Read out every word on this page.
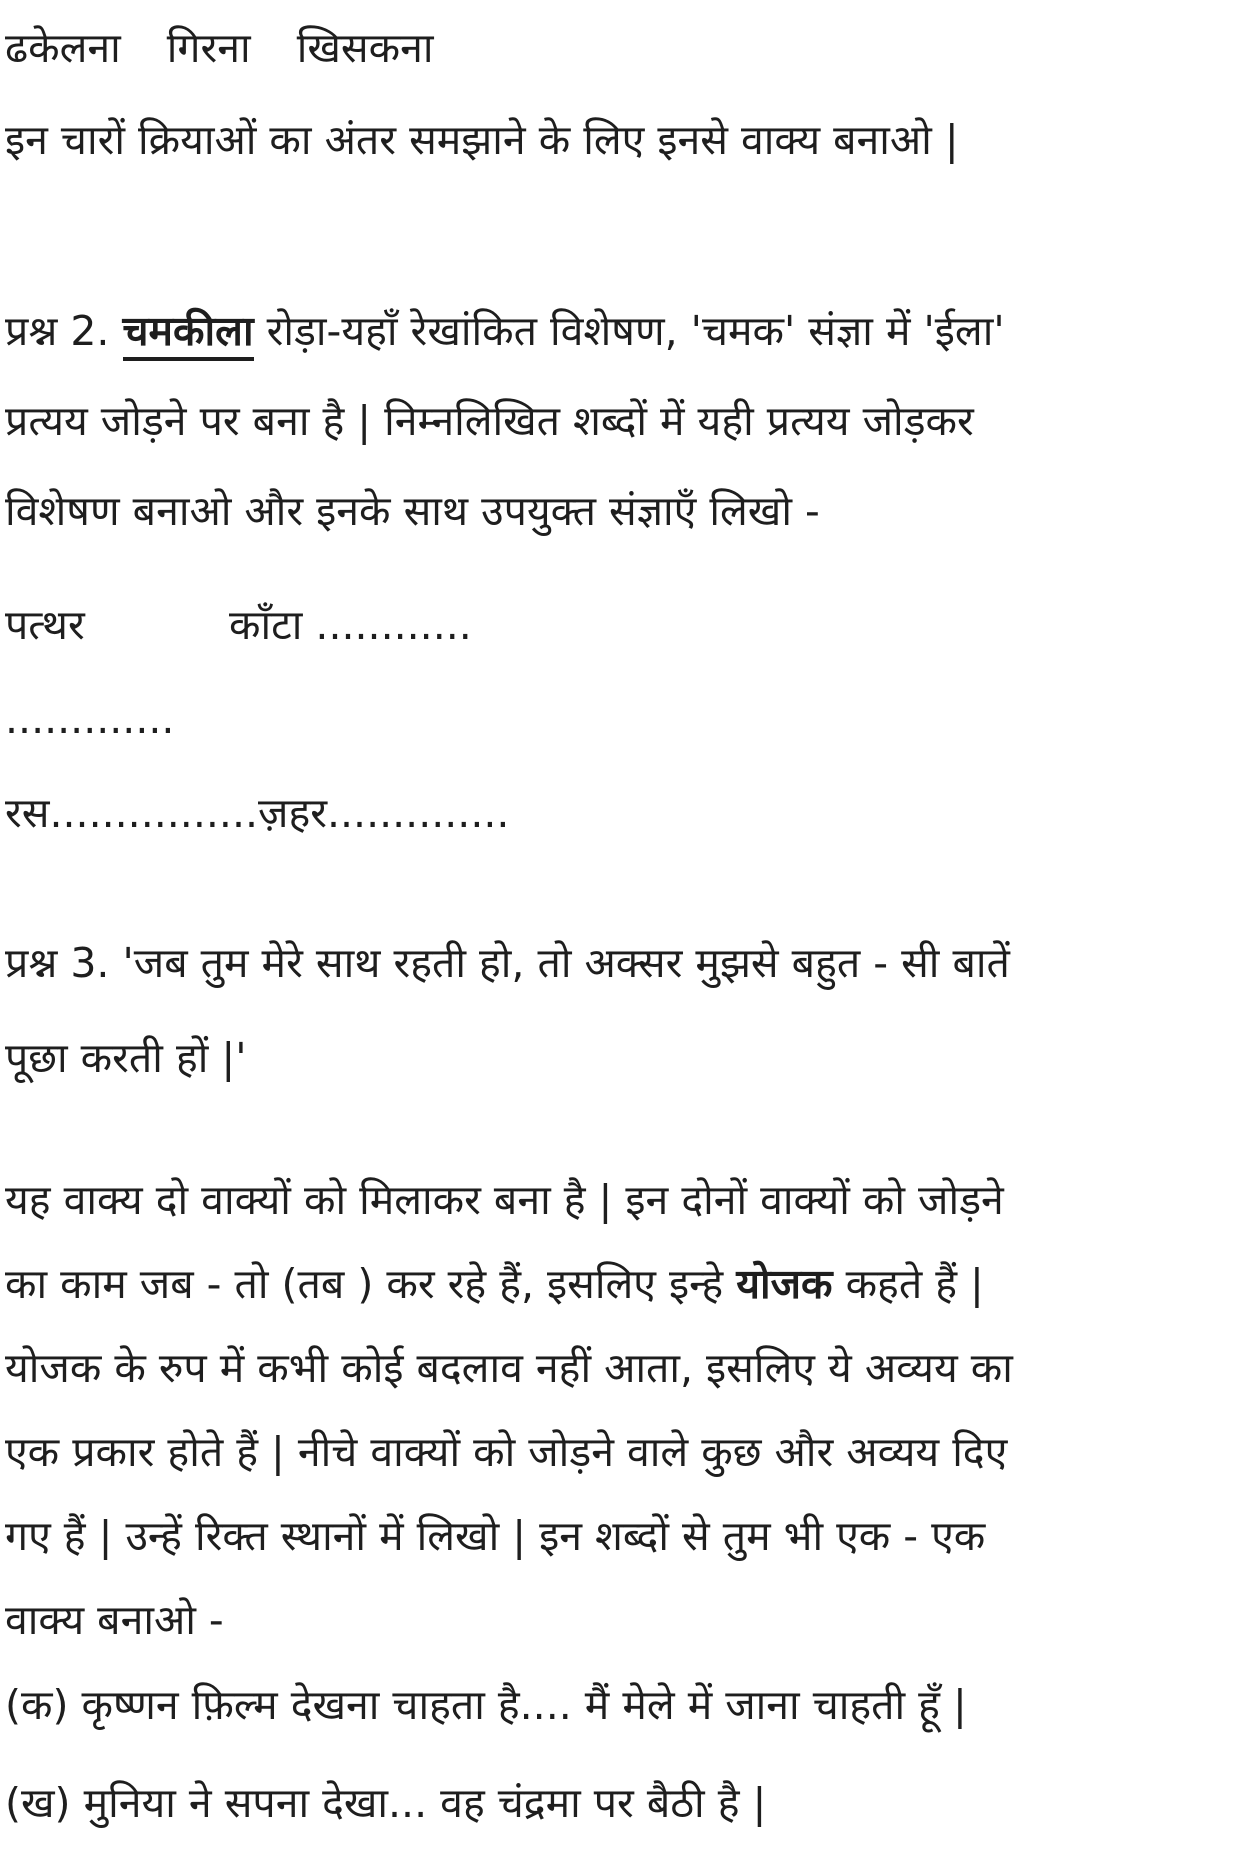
ढकेलना  गिरना  खिसकना
इन चारों क्रियाओं का अंतर समझाने के लिए इनसे वाक्य बनाओ |
प्रश्न 2. चमकीला रोड़ा-यहाँ रेखांकित विशेषण, 'चमक' संज्ञा में 'ईला'
प्रत्यय जोड़ने पर बना है | निम्नलिखित शब्दों में यही प्रत्यय जोड़कर
विशेषण बनाओ और इनके साथ उपयुक्त संज्ञाएँ लिखो -
पत्थर .............
काँटा ............
रस................ ज़हर..............
प्रश्न 3. 'जब तुम मेरे साथ रहती हो, तो अक्सर मुझसे बहुत - सी बातें
पूछा करती हों |'
यह वाक्य दो वाक्यों को मिलाकर बना है | इन दोनों वाक्यों को जोड़ने
का काम जब - तो (तब ) कर रहे हैं, इसलिए इन्हे योजक कहते हैं |
योजक के रुप में कभी कोई बदलाव नहीं आता, इसलिए ये अव्यय का
एक प्रकार होते हैं | नीचे वाक्यों को जोड़ने वाले कुछ और अव्यय दिए
गए हैं | उन्हें रिक्त स्थानों में लिखो | इन शब्दों से तुम भी एक - एक
वाक्य बनाओ -
(क) कृष्णन फ़िल्म देखना चाहता है.... मैं मेले में जाना चाहती हूँ |
(ख) मुनिया ने सपना देखा... वह चंद्रमा पर बैठी है |
